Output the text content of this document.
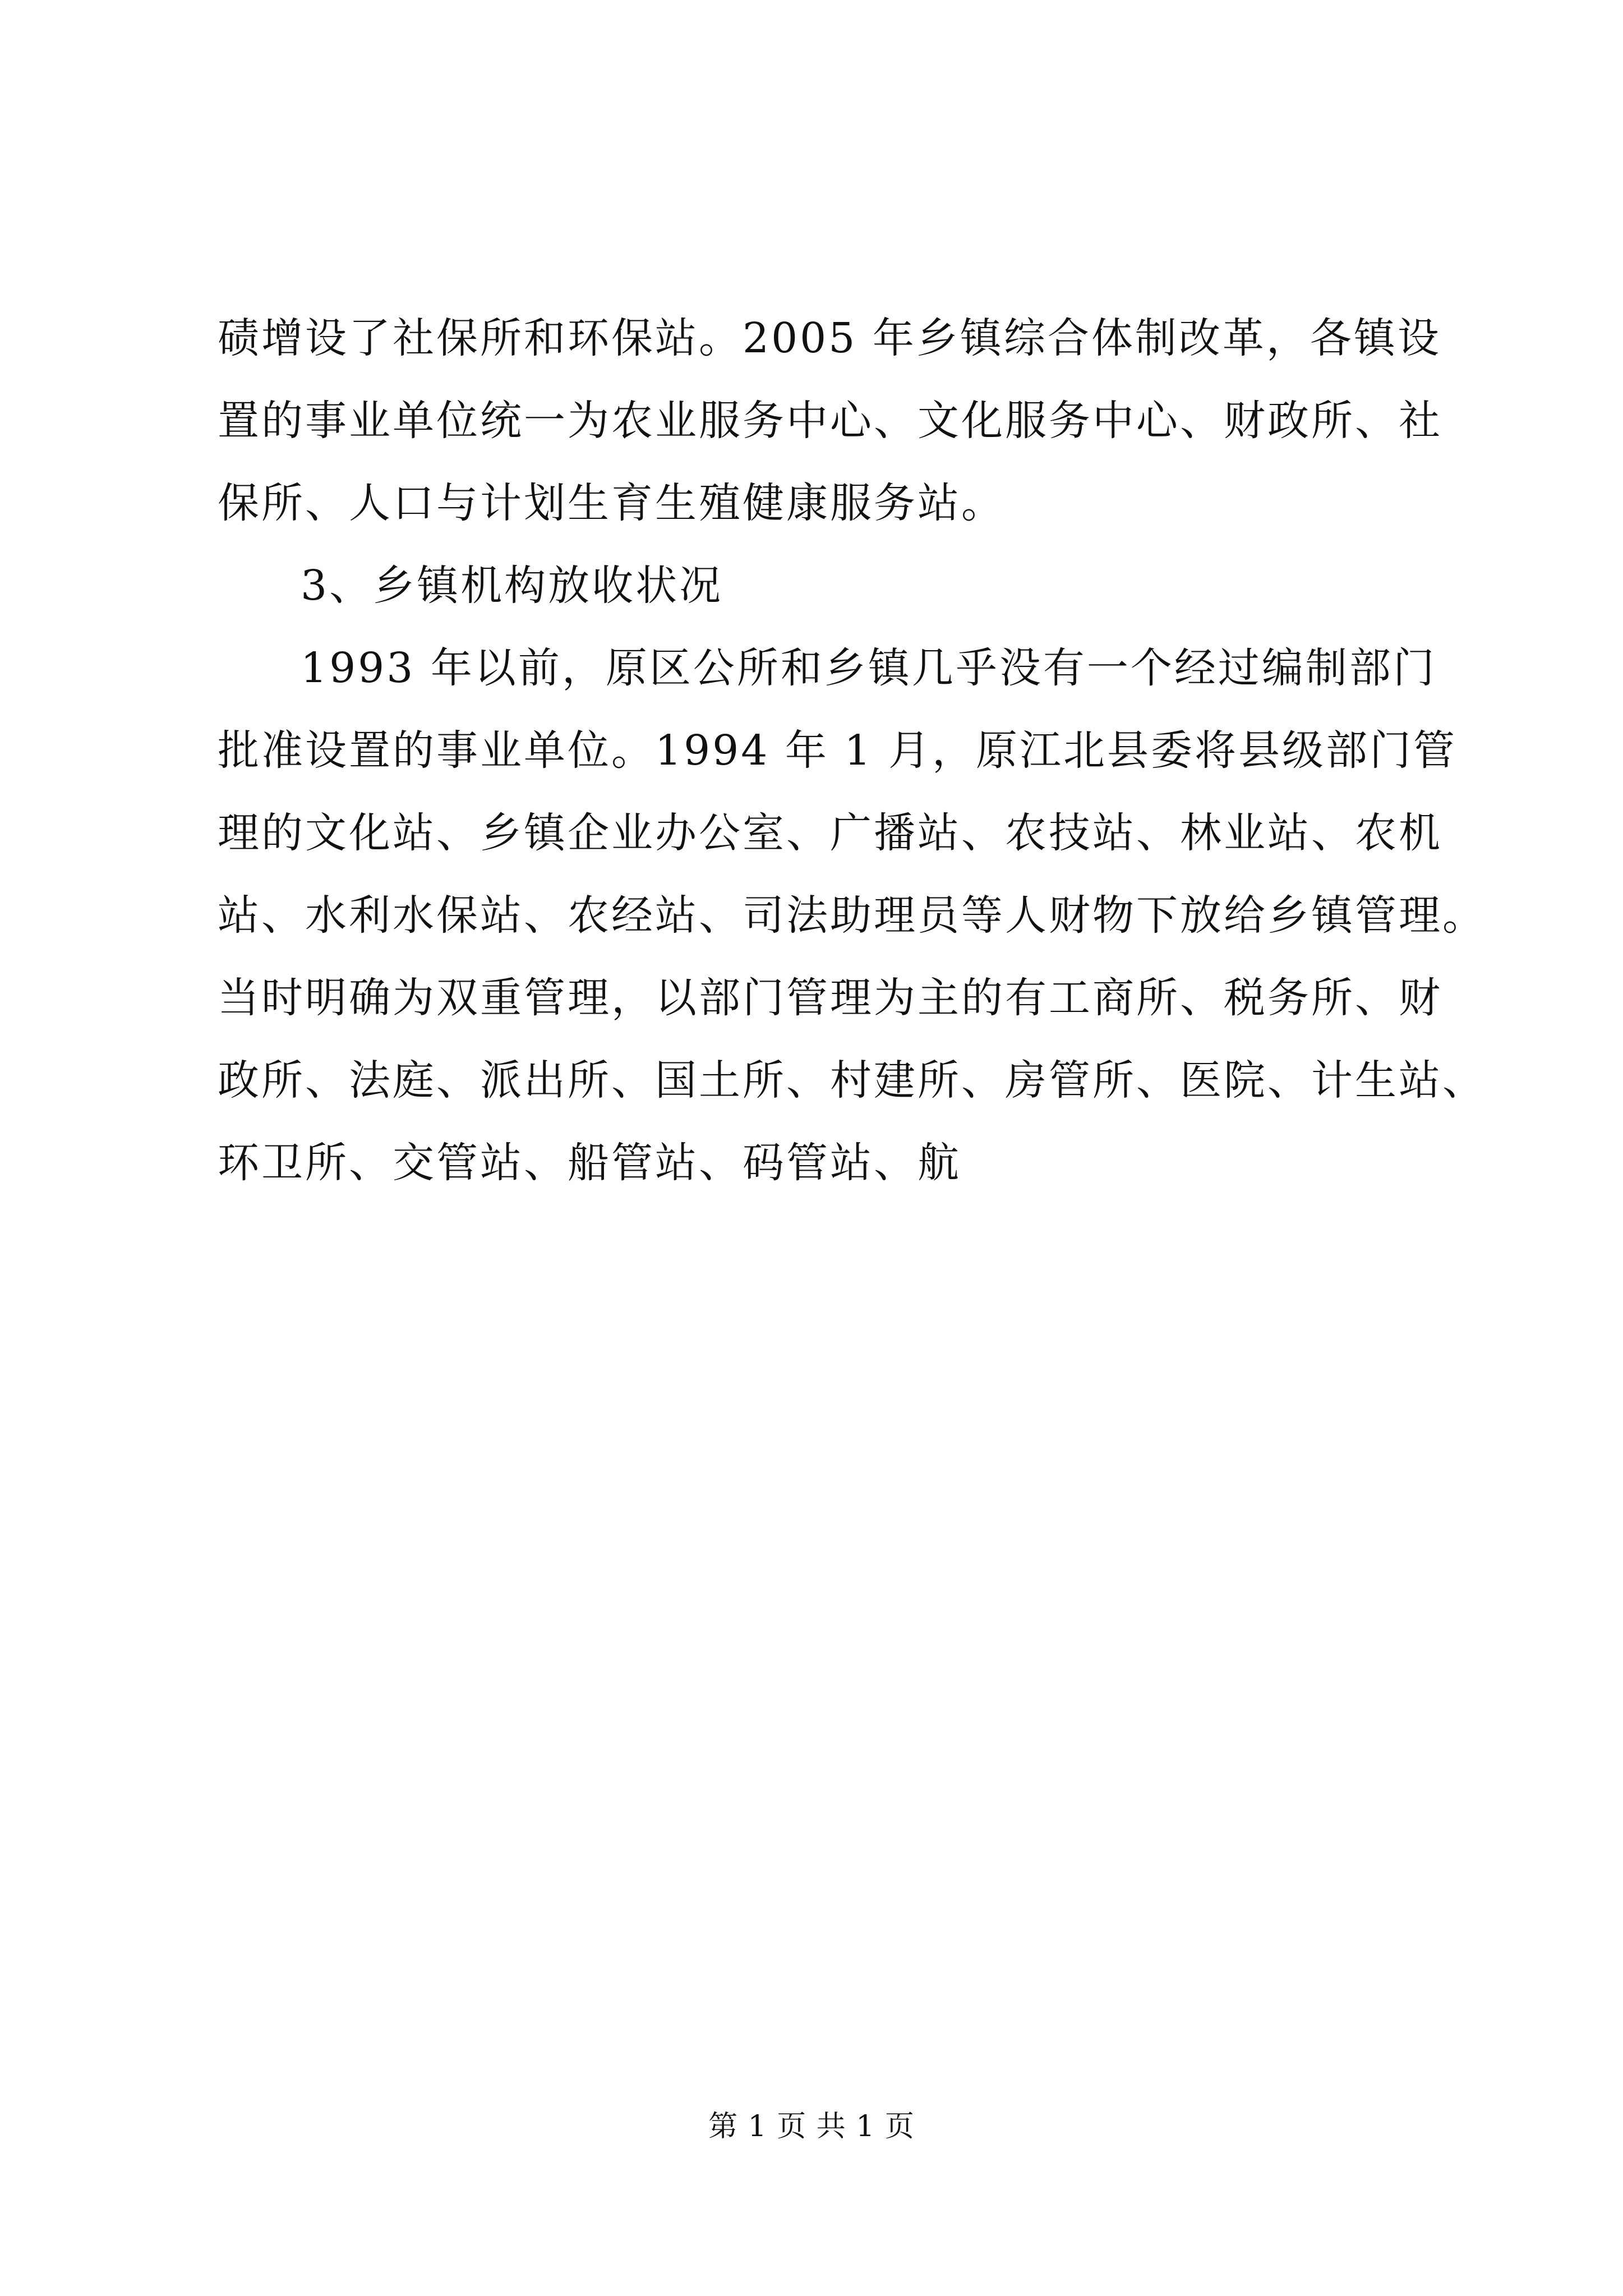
碛增设了社保所和环保站。2005 年乡镇综合体制改革，各镇设
置的事业单位统一为农业服务中心、文化服务中心、财政所、社
保所、人口与计划生育生殖健康服务站。
3、乡镇机构放收状况
1993 年以前，原区公所和乡镇几乎没有一个经过编制部门
批准设置的事业单位。1994 年 1 月，原江北县委将县级部门管
理的文化站、乡镇企业办公室、广播站、农技站、林业站、农机
站、水利水保站、农经站、司法助理员等人财物下放给乡镇管理。
当时明确为双重管理，以部门管理为主的有工商所、税务所、财
政所、法庭、派出所、国土所、村建所、房管所、医院、计生站、
环卫所、交管站、船管站、码管站、航
第 1 页 共 1 页
